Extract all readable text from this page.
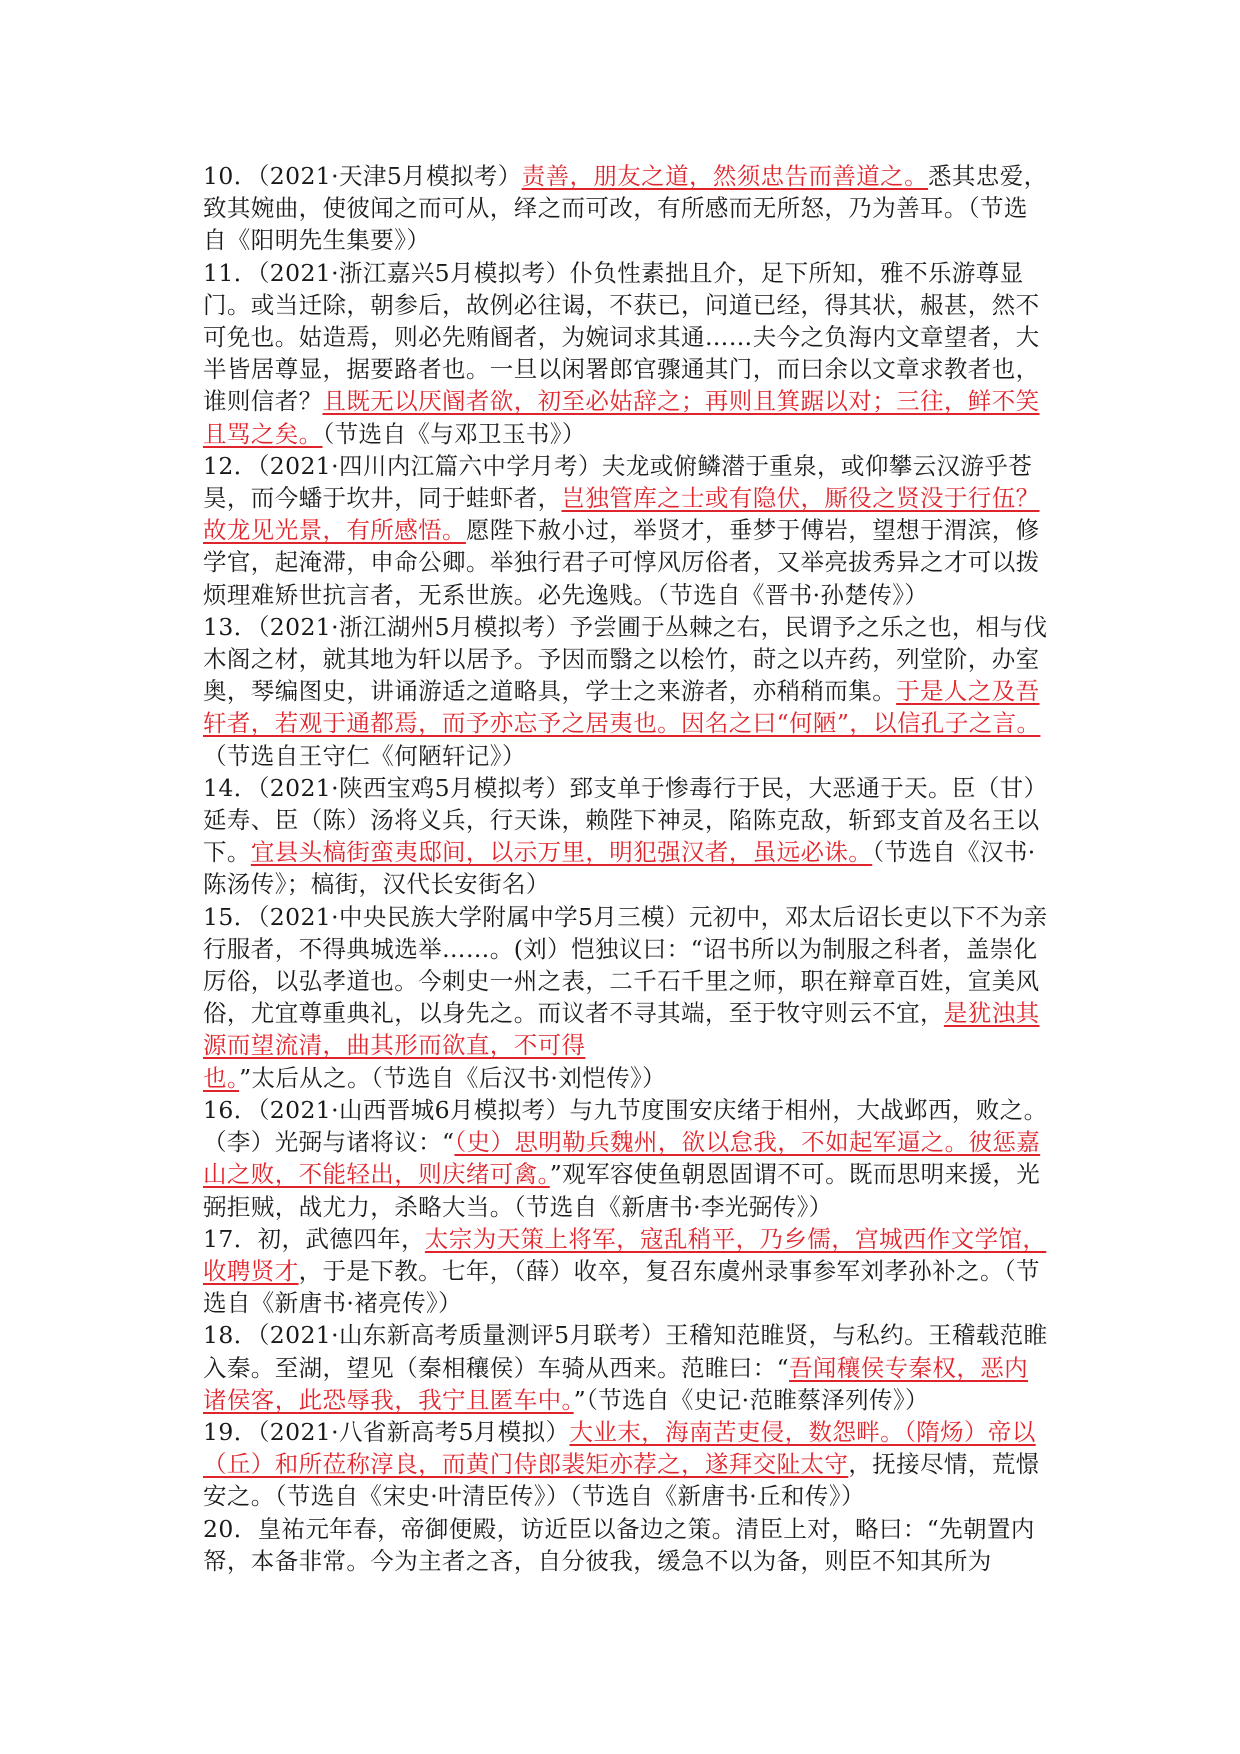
10．（2021·天津5月模拟考）责善，朋友之道，然须忠告而善道之。悉其忠爱，致其婉曲，使彼闻之而可从，绎之而可改，有所感而无所怒，乃为善耳。（节选自《阳明先生集要》）

11．（2021·浙江嘉兴5月模拟考）仆负性素拙且介，足下所知，雅不乐游尊显门。或当迁除，朝参后，故例必往谒，不获已，问道已经，得其状，赧甚，然不可免也。姑造焉，则必先贿阍者，为婉词求其通……夫今之负海内文章望者，大半皆居尊显，据要路者也。一旦以闲署郎官骤通其门，而曰余以文章求教者也，谁则信者？且既无以厌阍者欲，初至必姑辞之；再则且箕踞以对；三往，鲜不笑且骂之矣。（节选自《与邓卫玉书》）

12．（2021·四川内江篇六中学月考）夫龙或俯鳞潜于重泉，或仰攀云汉游乎苍昊，而今蟠于坎井，同于蛙虾者，岂独管库之士或有隐伏，厮役之贤没于行伍？故龙见光景，有所感悟。愿陛下赦小过，举贤才，垂梦于傅岩，望想于渭滨，修学官，起淹滞，申命公卿。举独行君子可惇风厉俗者，又举亮拔秀异之才可以拨烦理难矫世抗言者，无系世族。必先逸贱。（节选自《晋书·孙楚传》）

13．（2021·浙江湖州5月模拟考）予尝圃于丛棘之右，民谓予之乐之也，相与伐木阁之材，就其地为轩以居予。予因而翳之以桧竹，莳之以卉药，列堂阶，办室奥，琴编图史，讲诵游适之道略具，学士之来游者，亦稍稍而集。于是人之及吾轩者，若观于通都焉，而予亦忘予之居夷也。因名之曰“何陋”，以信孔子之言。（节选自王守仁《何陋轩记》）

14．（2021·陕西宝鸡5月模拟考）郅支单于惨毒行于民，大恶通于天。臣（甘）延寿、臣（陈）汤将义兵，行天诛，赖陛下神灵，陷陈克敌，斩郅支首及名王以下。宜县头槁街蛮夷邸间，以示万里，明犯强汉者，虽远必诛。（节选自《汉书·陈汤传》；槁街，汉代长安街名）

15．（2021·中央民族大学附属中学5月三模）元初中，邓太后诏长吏以下不为亲行服者，不得典城选举……。(刘）恺独议曰：“诏书所以为制服之科者，盖崇化厉俗，以弘孝道也。今刺史一州之表，二千石千里之师，职在辩章百姓，宣美风俗，尤宜尊重典礼，以身先之。而议者不寻其端，至于牧守则云不宜，是犹浊其源而望流清，曲其形而欲直，不可得也。”太后从之。（节选自《后汉书·刘恺传》）

16．（2021·山西晋城6月模拟考）与九节度围安庆绪于相州，大战邺西，败之。（李）光弼与诸将议：“（史）思明勒兵魏州，欲以怠我，不如起军逼之。彼惩嘉山之败，不能轻出，则庆绪可禽。”观军容使鱼朝恩固谓不可。既而思明来援，光弼拒贼，战尤力，杀略大当。（节选自《新唐书·李光弼传》）

17．初，武德四年，太宗为天策上将军，寇乱稍平，乃乡儒，宫城西作文学馆，收聘贤才，于是下教。七年，（薛）收卒，复召东虞州录事参军刘孝孙补之。（节选自《新唐书·褚亮传》）

18．（2021·山东新高考质量测评5月联考）王稽知范睢贤，与私约。王稽载范睢入秦。至湖，望见（秦相穰侯）车骑从西来。范睢曰：“吾闻穰侯专秦权，恶内诸侯客，此恐辱我，我宁且匿车中。”（节选自《史记·范睢蔡泽列传》）

19．（2021·八省新高考5月模拟）大业末，海南苦吏侵，数怨畔。（隋炀）帝以（丘）和所莅称淳良，而黄门侍郎裴矩亦荐之，遂拜交阯太守，抚接尽情，荒憬安之。（节选自《宋史·叶清臣传》）（节选自《新唐书·丘和传》）

20．皇祐元年春，帝御便殿，访近臣以备边之策。清臣上对，略曰：“先朝置内帑，本备非常。今为主者之吝，自分彼我，缓急不以为备，则臣不知其所为
